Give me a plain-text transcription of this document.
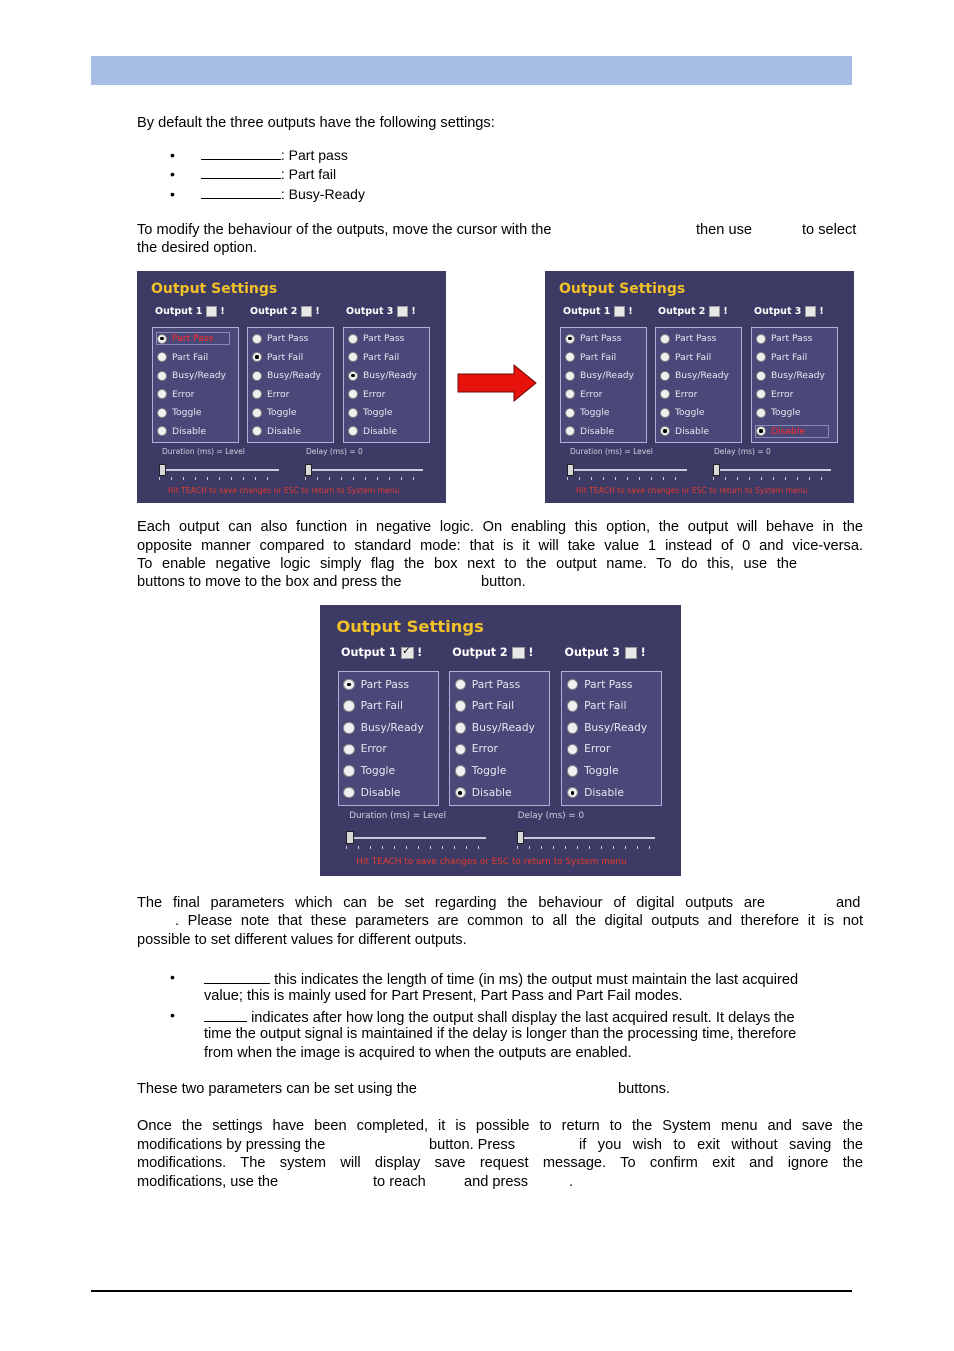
By default the three outputs have the following settings:
•	: Part pass
•	: Part fail
•	: Busy-Ready
To modify the behaviour of the outputs, move the cursor with the	then use	to select
the desired option.
Output Settings
Output 1 !
Part Pass
Part Fail
Busy/Ready
Error
Toggle
Disable
Output 2 !
Part Pass
Part Fail
Busy/Ready
Error
Toggle
Disable
Output 3 !
Part Pass
Part Fail
Busy/Ready
Error
Toggle
Disable
Duration (ms) = Level	Delay (ms) = 0
Hit TEACH to save changes or ESC to return to System menu
Output Settings
Output 1 !
Part Pass
Part Fail
Busy/Ready
Error
Toggle
Disable
Output 2 !
Part Pass
Part Fail
Busy/Ready
Error
Toggle
Disable
Output 3 !
Part Pass
Part Fail
Busy/Ready
Error
Toggle
Disable
Duration (ms) = Level	Delay (ms) = 0
Hit TEACH to save changes or ESC to return to System menu
Each output can also function in negative logic. On enabling this option, the output will behave in the
opposite manner compared to standard mode: that is it will take value 1 instead of 0 and vice-versa.
To enable negative logic simply flag the box next to the output name. To do this, use the
buttons to move to the box and press the	button.
Output Settings
Output 1✓ !
Part Pass
Part Fail
Busy/Ready
Error
Toggle
Disable
Output 2 !
Part Pass
Part Fail
Busy/Ready
Error
Toggle
Disable
Output 3 !
Part Pass
Part Fail
Busy/Ready
Error
Toggle
Disable
Duration (ms) = Level	Delay (ms) = 0
Hit TEACH to save changes or ESC to return to System menu
The final parameters which can be set regarding the behaviour of digital outputs are	and
. Please note that these parameters are common to all the digital outputs and therefore it is not
possible to set different values for different outputs.
•	this indicates the length of time (in ms) the output must maintain the last acquired
value; this is mainly used for Part Present, Part Pass and Part Fail modes.
•	indicates after how long the output shall display the last acquired result. It delays the
time the output signal is maintained if the delay is longer than the processing time, therefore
from when the image is acquired to when the outputs are enabled.
These two parameters can be set using the	buttons.
Once the settings have been completed, it is possible to return to the System menu and save the
modifications by pressing the	button. Press	if you wish to exit without saving the
modifications. The system will display save request message. To confirm exit and ignore the
modifications, use the	to reach	and press	.
